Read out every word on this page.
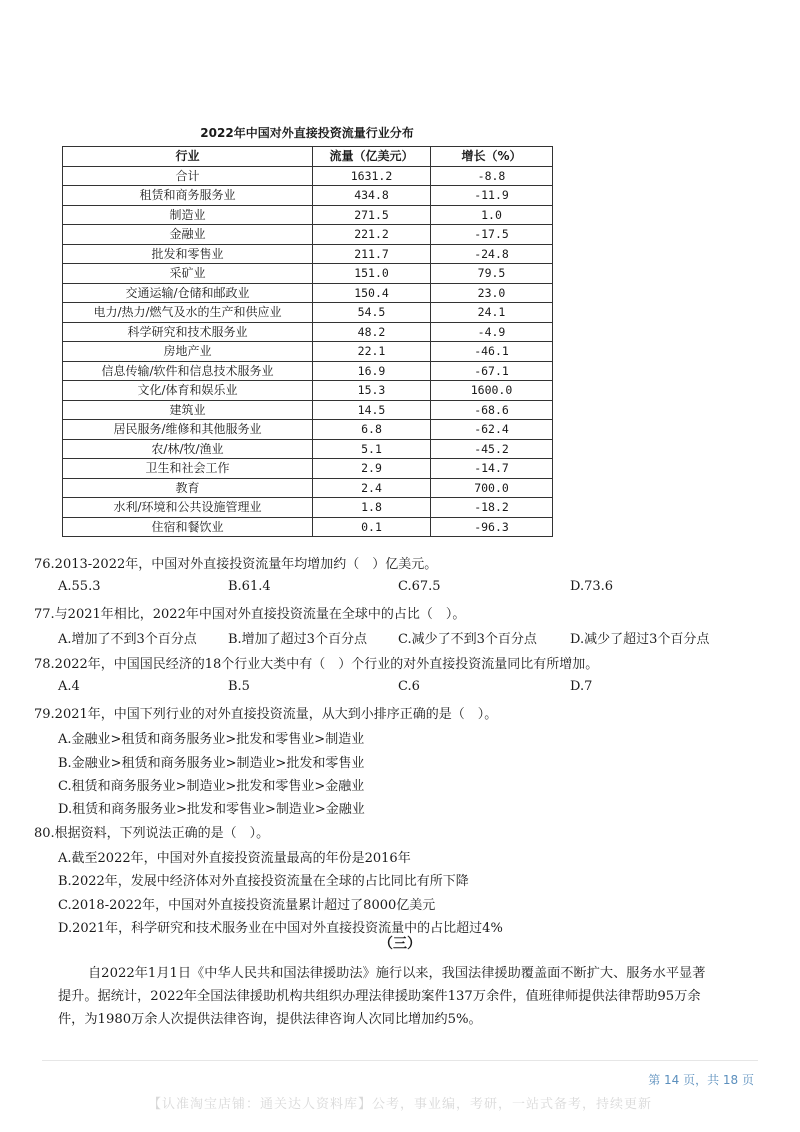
2022年中国对外直接投资流量行业分布
行业	流量（亿美元）	增长（%）
合计	1631.2	-8.8
租赁和商务服务业	434.8	-11.9
制造业	271.5	1.0
金融业	221.2	-17.5
批发和零售业	211.7	-24.8
采矿业	151.0	79.5
交通运输/仓储和邮政业	150.4	23.0
电力/热力/燃气及水的生产和供应业	54.5	24.1
科学研究和技术服务业	48.2	-4.9
房地产业	22.1	-46.1
信息传输/软件和信息技术服务业	16.9	-67.1
文化/体育和娱乐业	15.3	1600.0
建筑业	14.5	-68.6
居民服务/维修和其他服务业	6.8	-62.4
农/林/牧/渔业	5.1	-45.2
卫生和社会工作	2.9	-14.7
教育	2.4	700.0
水利/环境和公共设施管理业	1.8	-18.2
住宿和餐饮业	0.1	-96.3
76.2013-2022年，中国对外直接投资流量年均增加约（　）亿美元。
A.55.3	B.61.4	C.67.5	D.73.6
77.与2021年相比，2022年中国对外直接投资流量在全球中的占比（　）。
A.增加了不到3个百分点 B.增加了超过3个百分点 C.减少了不到3个百分点	D.减少了超过3个百分点
78.2022年，中国国民经济的18个行业大类中有（　）个行业的对外直接投资流量同比有所增加。
A.4	B.5	C.6	D.7
79.2021年，中国下列行业的对外直接投资流量，从大到小排序正确的是（　）。
A.金融业>租赁和商务服务业>批发和零售业>制造业
B.金融业>租赁和商务服务业>制造业>批发和零售业
C.租赁和商务服务业>制造业>批发和零售业>金融业
D.租赁和商务服务业>批发和零售业>制造业>金融业
80.根据资料，下列说法正确的是（　）。
A.截至2022年，中国对外直接投资流量最高的年份是2016年
B.2022年，发展中经济体对外直接投资流量在全球的占比同比有所下降
C.2018-2022年，中国对外直接投资流量累计超过了8000亿美元
D.2021年，科学研究和技术服务业在中国对外直接投资流量中的占比超过4%
（三）
自2022年1月1日《中华人民共和国法律援助法》施行以来，我国法律援助覆盖面不断扩大、服务水平显著
提升。据统计，2022年全国法律援助机构共组织办理法律援助案件137万余件，值班律师提供法律帮助95万余
件，为1980万余人次提供法律咨询，提供法律咨询人次同比增加约5%。
第 14 页，共 18 页
【认准淘宝店铺：通关达人资料库】公考，事业编，考研，一站式备考，持续更新
